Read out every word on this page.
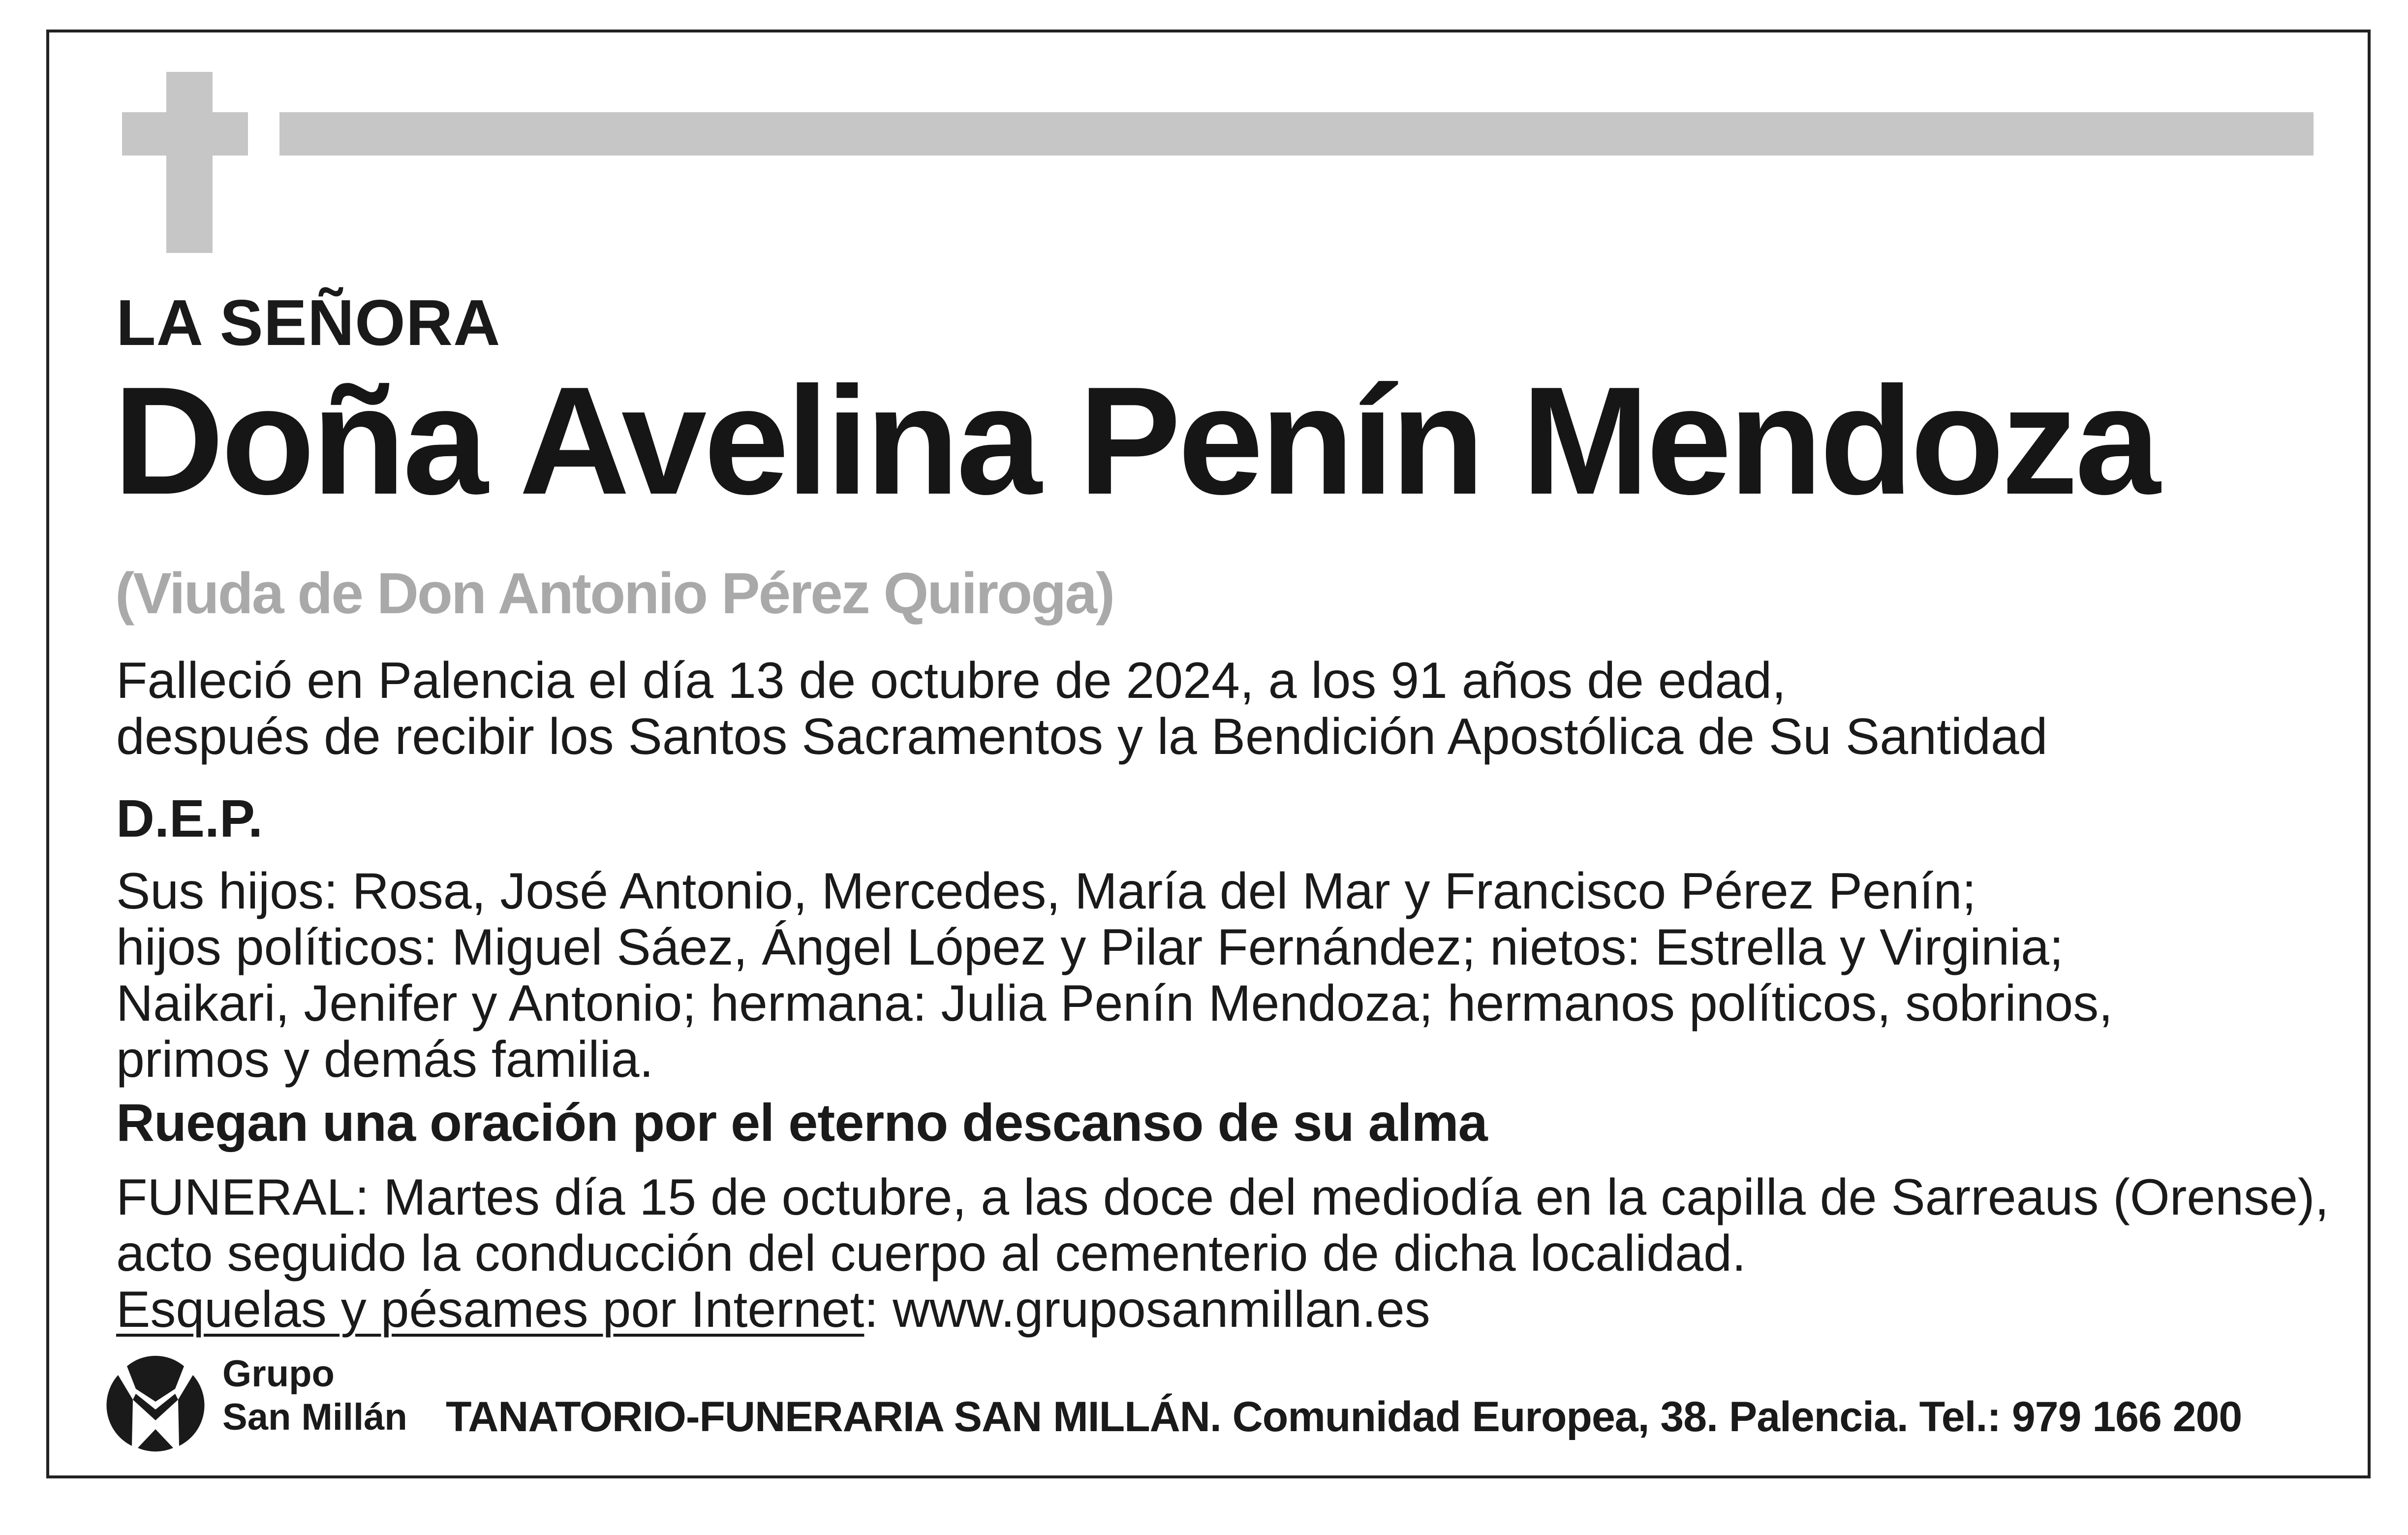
LA SEÑORA
Doña Avelina Penín Mendoza
(Viuda de Don Antonio Pérez Quiroga)
Falleció en Palencia el día 13 de octubre de 2024, a los 91 años de edad,
después de recibir los Santos Sacramentos y la Bendición Apostólica de Su Santidad
D.E.P.
Sus hijos: Rosa, José Antonio, Mercedes, María del Mar y Francisco Pérez Penín;
hijos políticos: Miguel Sáez, Ángel López y Pilar Fernández; nietos: Estrella y Virginia;
Naikari, Jenifer y Antonio; hermana: Julia Penín Mendoza; hermanos políticos, sobrinos,
primos y demás familia.
Ruegan una oración por el eterno descanso de su alma
FUNERAL: Martes día 15 de octubre, a las doce del mediodía en la capilla de Sarreaus (Orense),
acto seguido la conducción del cuerpo al cementerio de dicha localidad.
Esquelas y pésames por Internet: www.gruposanmillan.es
Grupo
San Millán TANATORIO-FUNERARIA SAN MILLÁN. Comunidad Europea, 38. Palencia. Tel.: 979 166 200
